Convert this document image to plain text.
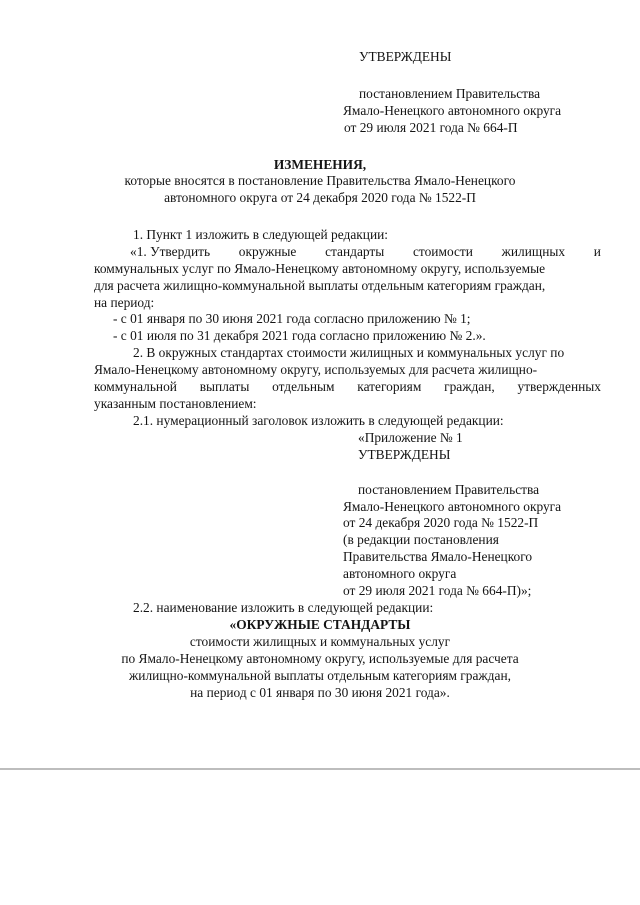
УТВЕРЖДЕНЫ
постановлением Правительства
Ямало-Ненецкого автономного округа
от 29 июля 2021 года № 664-П
ИЗМЕНЕНИЯ,
которые вносятся в постановление Правительства Ямало-Ненецкого
автономного округа от 24 декабря 2020 года № 1522-П
1. Пункт 1 изложить в следующей редакции:
«1. Утвердить окружные стандарты стоимости жилищных и
коммунальных услуг по Ямало-Ненецкому автономному округу, используемые
для расчета жилищно-коммунальной выплаты отдельным категориям граждан,
на период:
- с 01 января по 30 июня 2021 года согласно приложению № 1;
- с 01 июля по 31 декабря 2021 года согласно приложению № 2.».
2. В окружных стандартах стоимости жилищных и коммунальных услуг по
Ямало-Ненецкому автономному округу, используемых для расчета жилищно-
коммунальной выплаты отдельным категориям граждан, утвержденных
указанным постановлением:
2.1. нумерационный заголовок изложить в следующей редакции:
«Приложение № 1
УТВЕРЖДЕНЫ
постановлением Правительства
Ямало-Ненецкого автономного округа
от 24 декабря 2020 года № 1522-П
(в редакции постановления
Правительства Ямало-Ненецкого
автономного округа
от 29 июля 2021 года № 664-П)»;
2.2. наименование изложить в следующей редакции:
«ОКРУЖНЫЕ СТАНДАРТЫ
стоимости жилищных и коммунальных услуг
по Ямало-Ненецкому автономному округу, используемые для расчета
жилищно-коммунальной выплаты отдельным категориям граждан,
на период с 01 января по 30 июня 2021 года».
